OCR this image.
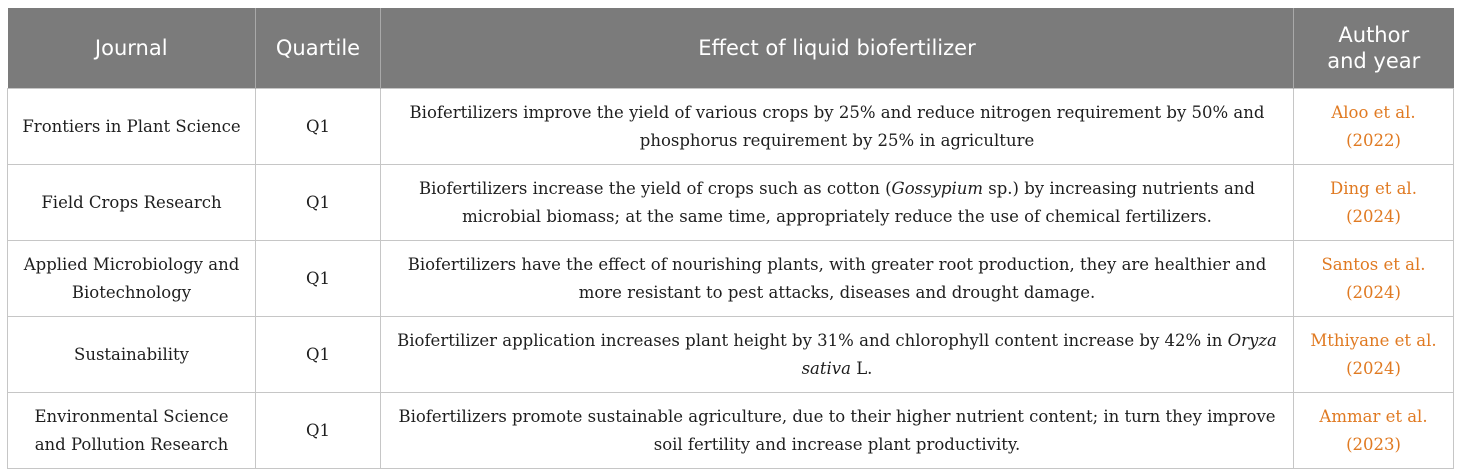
Journal	Quartile	Effect of liquid biofertilizer	Author
and year
Frontiers in Plant Science	Q1	Biofertilizers improve the yield of various crops by 25% and reduce nitrogen requirement by 50% and phosphorus requirement by 25% in agriculture	Aloo et al.
(2022)
Field Crops Research	Q1	Biofertilizers increase the yield of crops such as cotton (Gossypium sp.) by increasing nutrients and microbial biomass; at the same time, appropriately reduce the use of chemical fertilizers.	Ding et al.
(2024)
Applied Microbiology and
Biotechnology	Q1	Biofertilizers have the effect of nourishing plants, with greater root production, they are healthier and more resistant to pest attacks, diseases and drought damage.	Santos et al.
(2024)
Sustainability	Q1	Biofertilizer application increases plant height by 31% and chlorophyll content increase by 42% in Oryza sativa L.	Mthiyane et al.
(2024)
Environmental Science
and Pollution Research	Q1	Biofertilizers promote sustainable agriculture, due to their higher nutrient content; in turn they improve soil fertility and increase plant productivity.	Ammar et al.
(2023)
